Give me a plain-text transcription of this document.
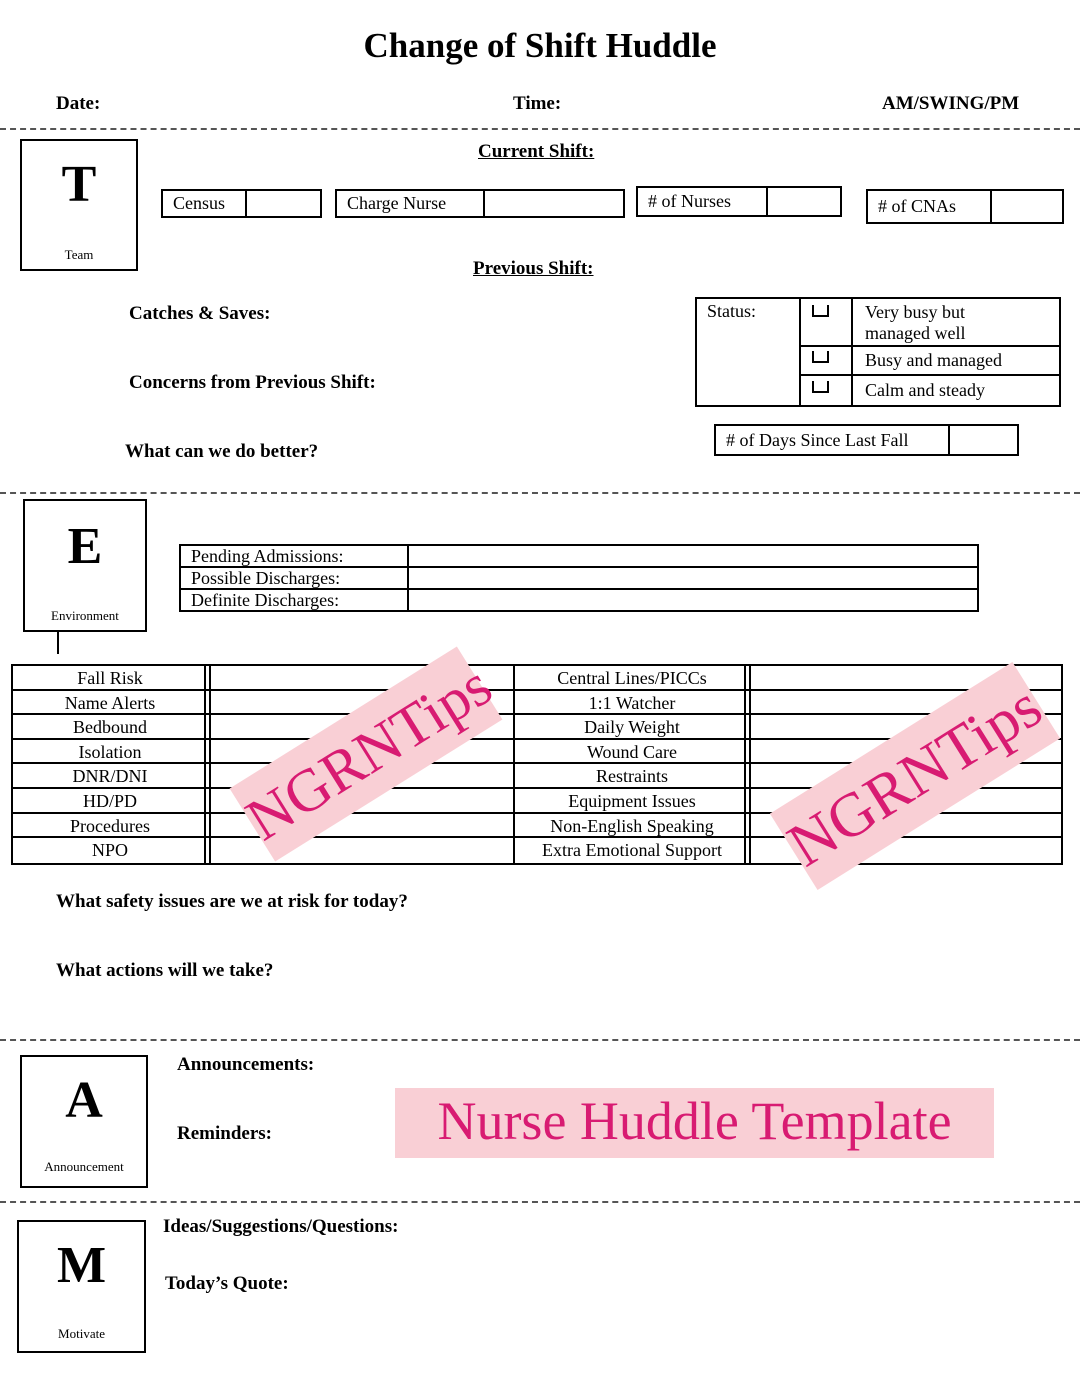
Change of Shift Huddle
Date:	Time:	AM/SWING/PM
T
Team
Current Shift:
Census	Charge Nurse	# of Nurses	# of CNAs
Previous Shift:
Catches & Saves:
Concerns from Previous Shift:
What can we do better?
Status:	Very busy but
managed well
Busy and managed
Calm and steady
# of Days Since Last Fall
E
Environment
Pending Admissions:	
Possible Discharges:	
Definite Discharges:	
Fall Risk	Central Lines/PICCs
Name Alerts	1:1 Watcher
Bedbound	Daily Weight
Isolation	Wound Care
DNR/DNI	Restraints
HD/PD	Equipment Issues
Procedures	Non-English Speaking
NPO	Extra Emotional Support
NGRNTips	NGRNTips
What safety issues are we at risk for today?
What actions will we take?
A
Announcement
Announcements:
Reminders:	Nurse Huddle Template
M
Motivate
Ideas/Suggestions/Questions:
Today’s Quote:
